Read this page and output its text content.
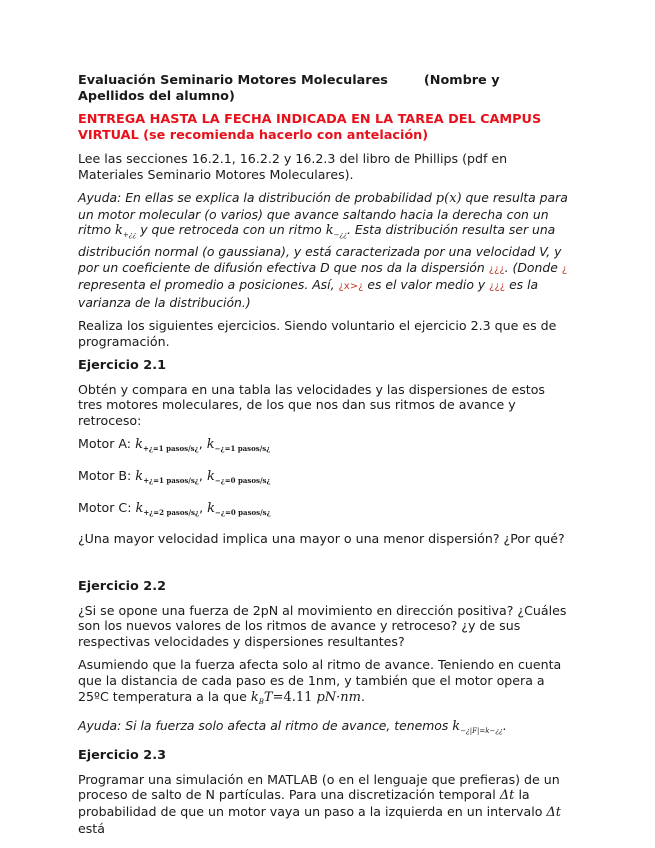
Evaluación Seminario Motores Moleculares	(Nombre y Apellidos del alumno)
ENTREGA HASTA LA FECHA INDICADA EN LA TAREA DEL CAMPUS VIRTUAL (se recomienda hacerlo con antelación)

Lee las secciones 16.2.1, 16.2.2 y 16.2.3 del libro de Phillips (pdf en Materiales Seminario Motores Moleculares).

Ayuda: En ellas se explica la distribución de probabilidad p(x) que resulta para un motor molecular (o varios) que avance saltando hacia la derecha con un ritmo $k_{+¿¿}$ y que retroceda con un ritmo $k_{-¿¿}$. Esta distribución resulta ser una distribución normal (o gaussiana), y está caracterizada por una velocidad V, y por un coeficiente de difusión efectiva D que nos da la dispersión ¿¿¿. (Donde ¿ representa el promedio a posiciones. Así, ¿x>¿ es el valor medio y ¿¿¿ es la varianza de la distribución.)

Realiza los siguientes ejercicios. Siendo voluntario el ejercicio 2.3 que es de programación.

Ejercicio 2.1

Obtén y compara en una tabla las velocidades y las dispersiones de estos tres motores moleculares, de los que nos dan sus ritmos de avance y retroceso:

Motor A: $k_{+¿=1 pasos/s¿}$, $k_{-¿=1 pasos/s¿}$
Motor B: $k_{+¿=1 pasos/s¿}$, $k_{-¿=0 pasos/s¿}$
Motor C: $k_{+¿=2 pasos/s¿}$, $k_{-¿=0 pasos/s¿}$

¿Una mayor velocidad implica una mayor o una menor dispersión? ¿Por qué?

Ejercicio 2.2

¿Si se opone una fuerza de 2pN al movimiento en dirección positiva? ¿Cuáles son los nuevos valores de los ritmos de avance y retroceso? ¿y de sus respectivas velocidades y dispersiones resultantes?

Asumiendo que la fuerza afecta solo al ritmo de avance. Teniendo en cuenta que la distancia de cada paso es de 1nm, y también que el motor opera a 25ºC temperatura a la que $k_BT=4.11$ pN·nm.

Ayuda: Si la fuerza solo afecta al ritmo de avance, tenemos $k_{-¿|F|=k-¿¿}$.

Ejercicio 2.3

Programar una simulación en MATLAB (o en el lenguaje que prefieras) de un proceso de salto de N partículas. Para una discretización temporal Δt la probabilidad de que un motor vaya un paso a la izquierda en un intervalo Δt está
